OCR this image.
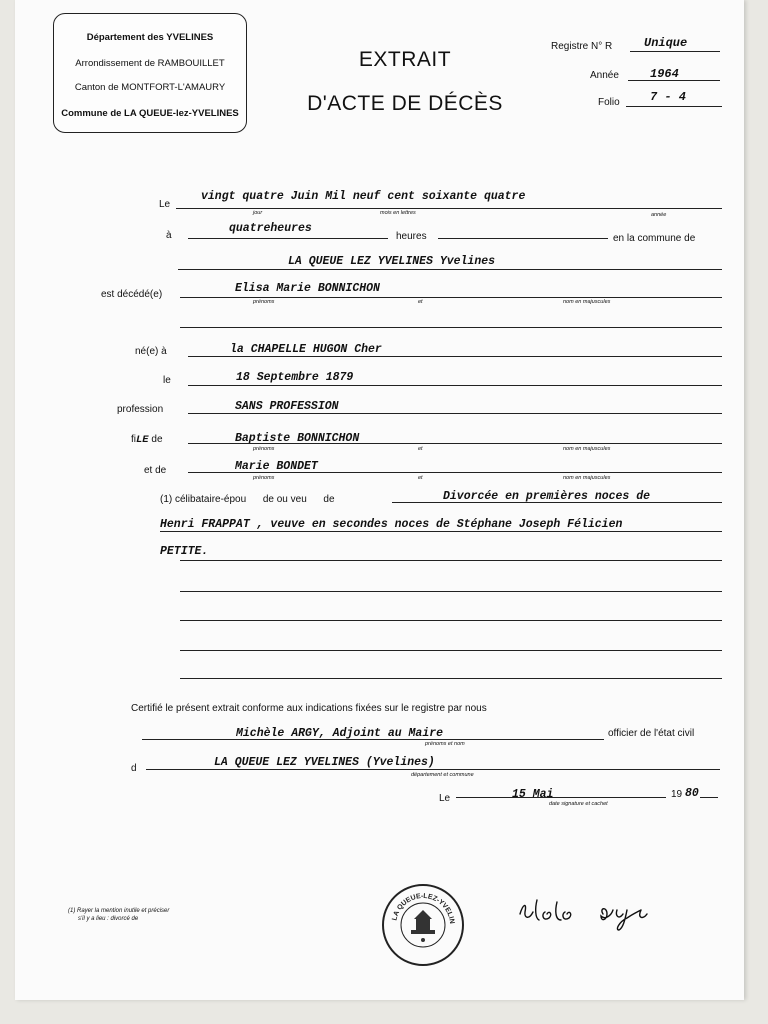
Département des YVELINES
Arrondissement de RAMBOUILLET
Canton de MONTFORT-L'AMAURY
Commune de LA QUEUE-lez-YVELINES
EXTRAIT
D'ACTE DE DÉCÈS
Registre N° R	Unique
Année	1964
Folio	7 - 4
Le
vingt quatre Juin Mil neuf cent soixante quatre
jour	mois en lettres	année
à
quatreheures
heures	en la commune de
LA QUEUE LEZ YVELINES Yvelines
est décédé(e)	Elisa Marie BONNICHON
prénoms	et	nom en majuscules
né(e) à	la CHAPELLE HUGON Cher
le	18 Septembre 1879
profession	SANS PROFESSION
fiLE de	Baptiste BONNICHON
prénoms	et	nom en majuscules
et de	Marie BONDET
prénoms	et	nom en majuscules
(1) célibataire-épou      de ou veu      de	Divorcée en premières noces de
Henri FRAPPAT , veuve en secondes noces de Stéphane Joseph Félicien
PETITE.
Certifié le présent extrait conforme aux indications fixées sur le registre par nous
Michèle ARGY, Adjoint au Maire	officier de l'état civil
prénoms et nom
d	LA QUEUE LEZ YVELINES (Yvelines)
département et commune
Le	15 Mai	19 80
date signature et cachet
(1) Rayer la mention inutile et préciser
s'il y a lieu : divorcé de	LA QUEUE-LEZ-YVELIN
